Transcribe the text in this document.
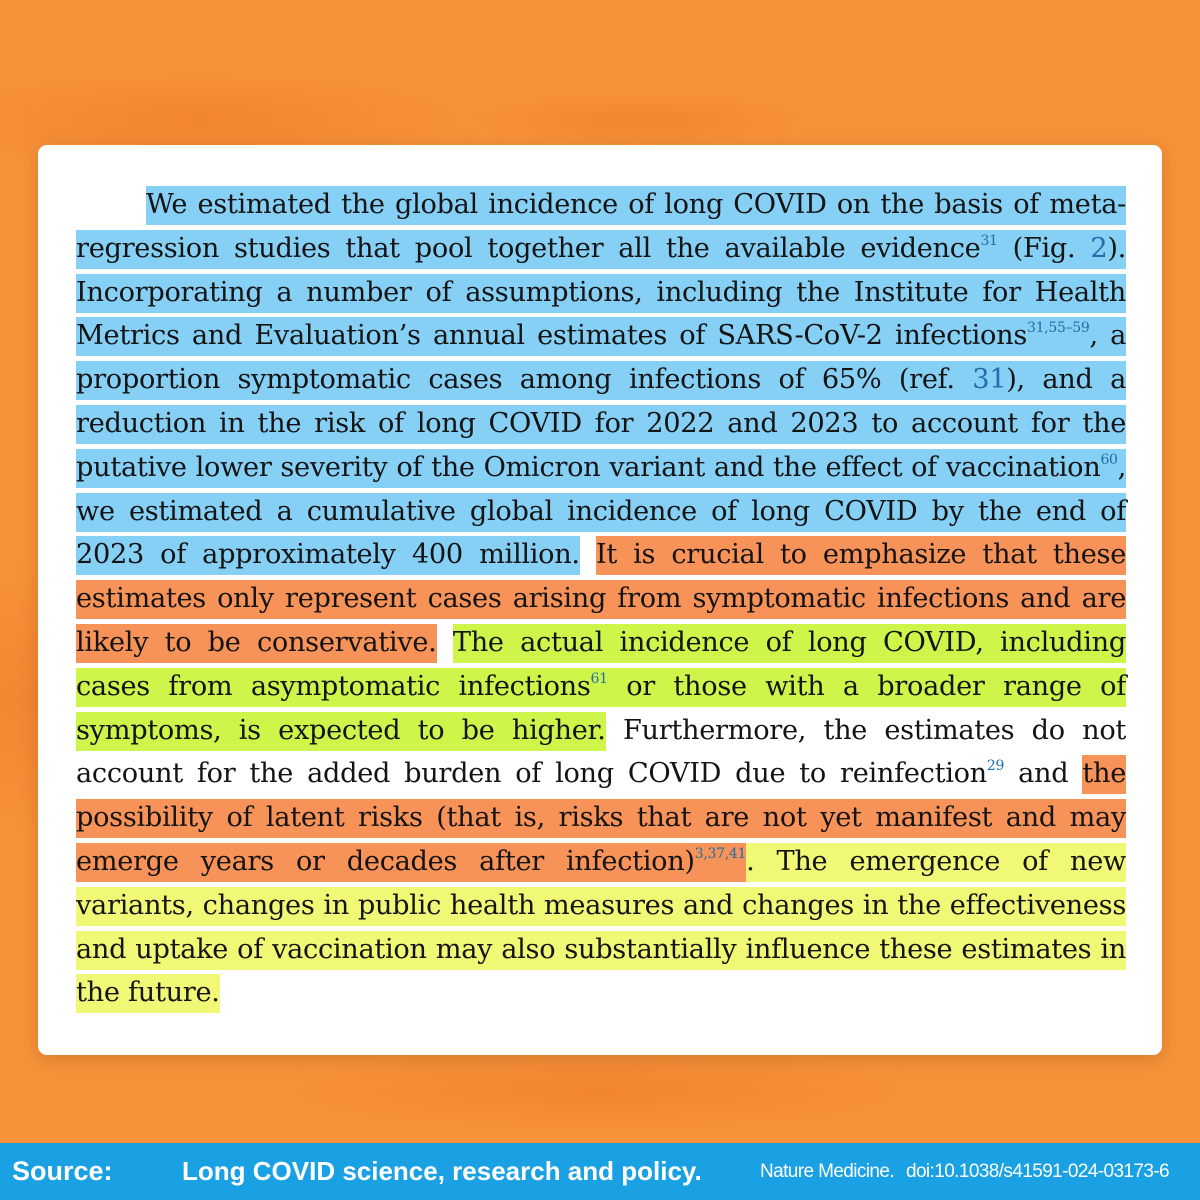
We estimated the global incidence of long COVID on the basis of meta-regression studies that pool together all the available evidence$^{31}$ (Fig. 2). Incorporating a number of assumptions, including the Institute for Health Metrics and Evaluation’s annual estimates of SARS-CoV-2 infections$^{31,55-59}$, a proportion symptomatic cases among infections of 65% (ref. 31), and a reduction in the risk of long COVID for 2022 and 2023 to account for the putative lower severity of the Omicron variant and the effect of vaccination$^{60}$, we estimated a cumulative global incidence of long COVID by the end of 2023 of approximately 400 million. It is crucial to emphasize that these estimates only represent cases arising from symptomatic infections and are likely to be conservative. The actual incidence of long COVID, including cases from asymptomatic infections$^{61}$ or those with a broader range of symptoms, is expected to be higher. Furthermore, the estimates do not account for the added burden of long COVID due to reinfection$^{29}$ and the possibility of latent risks (that is, risks that are not yet manifest and may emerge years or decades after infection)$^{3,37,41}$. The emergence of new variants, changes in public health measures and changes in the effectiveness and uptake of vaccination may also substantially influence these estimates in the future.

Source:	Long COVID science, research and policy.	Nature Medicine. doi:10.1038/s41591-024-03173-6
